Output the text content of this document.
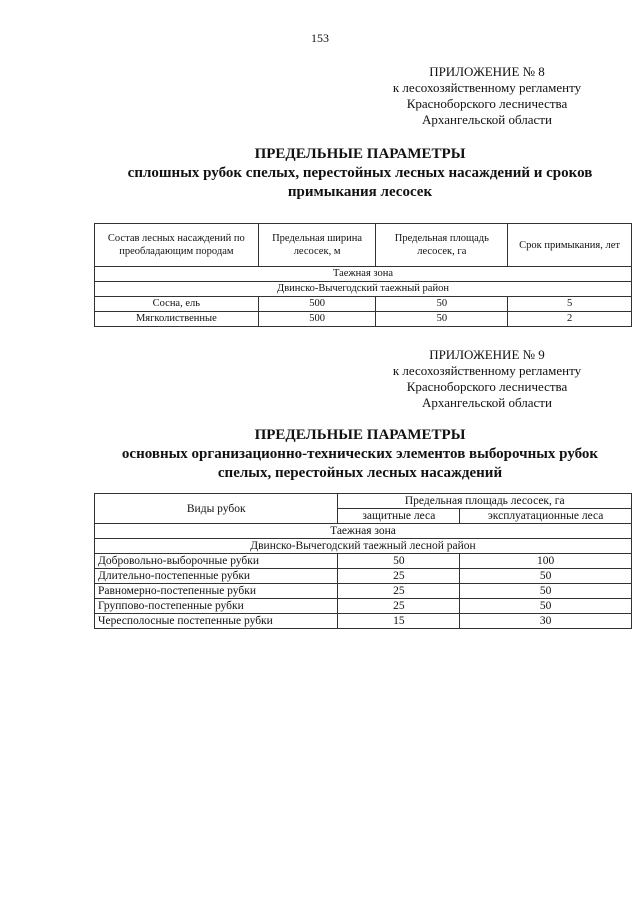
153
ПРИЛОЖЕНИЕ № 8
к лесохозяйственному регламенту
Красноборского лесничества
Архангельской области
ПРЕДЕЛЬНЫЕ ПАРАМЕТРЫ
сплошных рубок спелых, перестойных лесных насаждений и сроков
примыкания лесосек
Состав лесных насаждений по преобладающим породам	Предельная ширина лесосек, м	Предельная площадь лесосек, га	Срок примыкания, лет
Таежная зона			
Двинско-Вычегодский таежный район			
Сосна, ель	500	50	5
Мягколиственные	500	50	2
ПРИЛОЖЕНИЕ № 9
к лесохозяйственному регламенту
Красноборского лесничества
Архангельской области
ПРЕДЕЛЬНЫЕ ПАРАМЕТРЫ
основных организационно-технических элементов выборочных рубок
спелых, перестойных лесных насаждений
Виды рубок	Предельная площадь лесосек, га	
	защитные леса	эксплуатационные леса
Таежная зона		
Двинско-Вычегодский таежный лесной район		
Добровольно-выборочные рубки	50	100
Длительно-постепенные рубки	25	50
Равномерно-постепенные рубки	25	50
Группово-постепенные рубки	25	50
Чересполосные постепенные рубки	15	30
